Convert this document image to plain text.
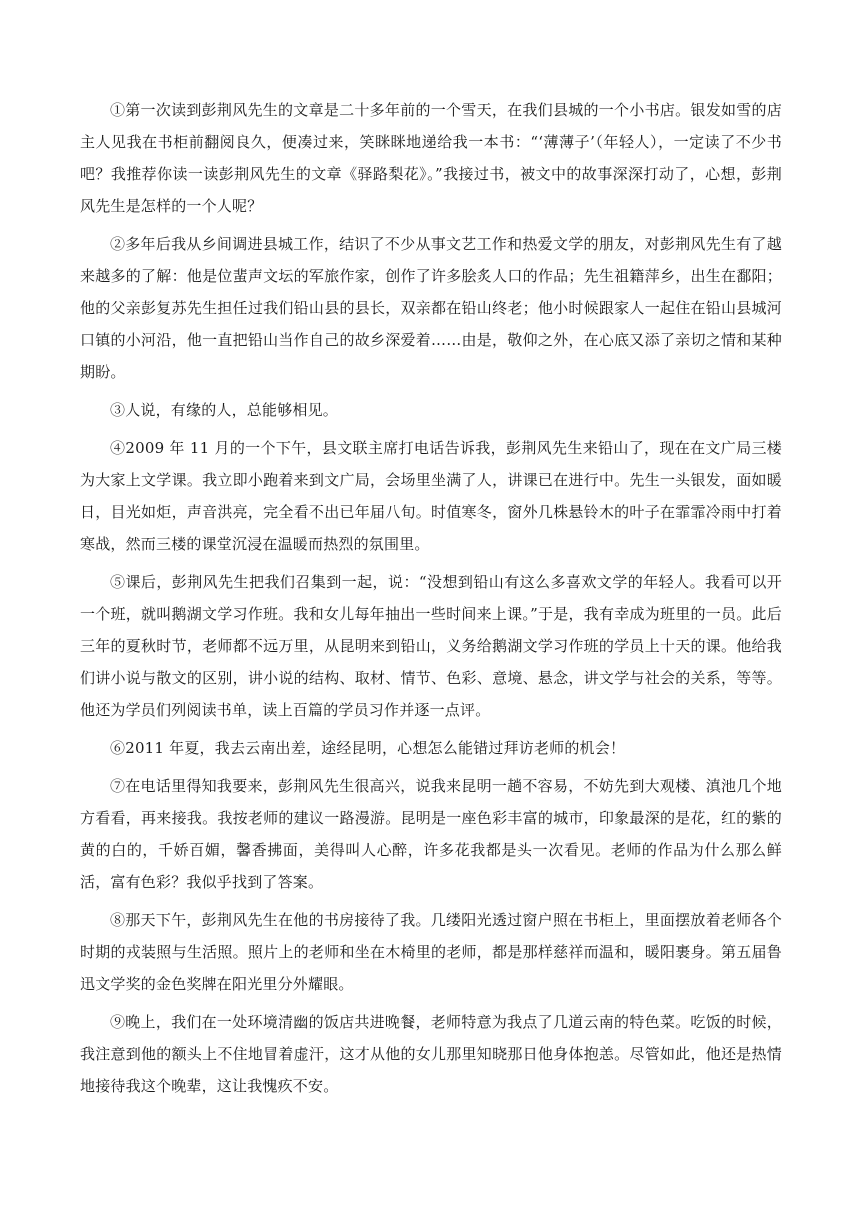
①第一次读到彭荆风先生的文章是二十多年前的一个雪天，在我们县城的一个小书店。银发如雪的店主人见我在书柜前翻阅良久，便凑过来，笑眯眯地递给我一本书：“‘薄薄子’（年轻人），一定读了不少书吧？我推荐你读一读彭荆风先生的文章《驿路梨花》。”我接过书，被文中的故事深深打动了，心想，彭荆风先生是怎样的一个人呢？

②多年后我从乡间调进县城工作，结识了不少从事文艺工作和热爱文学的朋友，对彭荆风先生有了越来越多的了解：他是位蜚声文坛的军旅作家，创作了许多脍炙人口的作品；先生祖籍萍乡，出生在鄱阳；他的父亲彭复苏先生担任过我们铅山县的县长，双亲都在铅山终老；他小时候跟家人一起住在铅山县城河口镇的小河沿，他一直把铅山当作自己的故乡深爱着……由是，敬仰之外，在心底又添了亲切之情和某种期盼。

③人说，有缘的人，总能够相见。

④2009 年 11 月的一个下午，县文联主席打电话告诉我，彭荆风先生来铅山了，现在在文广局三楼为大家上文学课。我立即小跑着来到文广局，会场里坐满了人，讲课已在进行中。先生一头银发，面如暖日，目光如炬，声音洪亮，完全看不出已年届八旬。时值寒冬，窗外几株悬铃木的叶子在霏霏冷雨中打着寒战，然而三楼的课堂沉浸在温暖而热烈的氛围里。

⑤课后，彭荆风先生把我们召集到一起，说：“没想到铅山有这么多喜欢文学的年轻人。我看可以开一个班，就叫鹅湖文学习作班。我和女儿每年抽出一些时间来上课。”于是，我有幸成为班里的一员。此后三年的夏秋时节，老师都不远万里，从昆明来到铅山，义务给鹅湖文学习作班的学员上十天的课。他给我们讲小说与散文的区别，讲小说的结构、取材、情节、色彩、意境、悬念，讲文学与社会的关系，等等。他还为学员们列阅读书单，读上百篇的学员习作并逐一点评。

⑥2011 年夏，我去云南出差，途经昆明，心想怎么能错过拜访老师的机会！

⑦在电话里得知我要来，彭荆风先生很高兴，说我来昆明一趟不容易，不妨先到大观楼、滇池几个地方看看，再来接我。我按老师的建议一路漫游。昆明是一座色彩丰富的城市，印象最深的是花，红的紫的黄的白的，千娇百媚，馨香拂面，美得叫人心醉，许多花我都是头一次看见。老师的作品为什么那么鲜活，富有色彩？我似乎找到了答案。

⑧那天下午，彭荆风先生在他的书房接待了我。几缕阳光透过窗户照在书柜上，里面摆放着老师各个时期的戎装照与生活照。照片上的老师和坐在木椅里的老师，都是那样慈祥而温和，暖阳裹身。第五届鲁迅文学奖的金色奖牌在阳光里分外耀眼。

⑨晚上，我们在一处环境清幽的饭店共进晚餐，老师特意为我点了几道云南的特色菜。吃饭的时候，我注意到他的额头上不住地冒着虚汗，这才从他的女儿那里知晓那日他身体抱恙。尽管如此，他还是热情地接待我这个晚辈，这让我愧疚不安。
